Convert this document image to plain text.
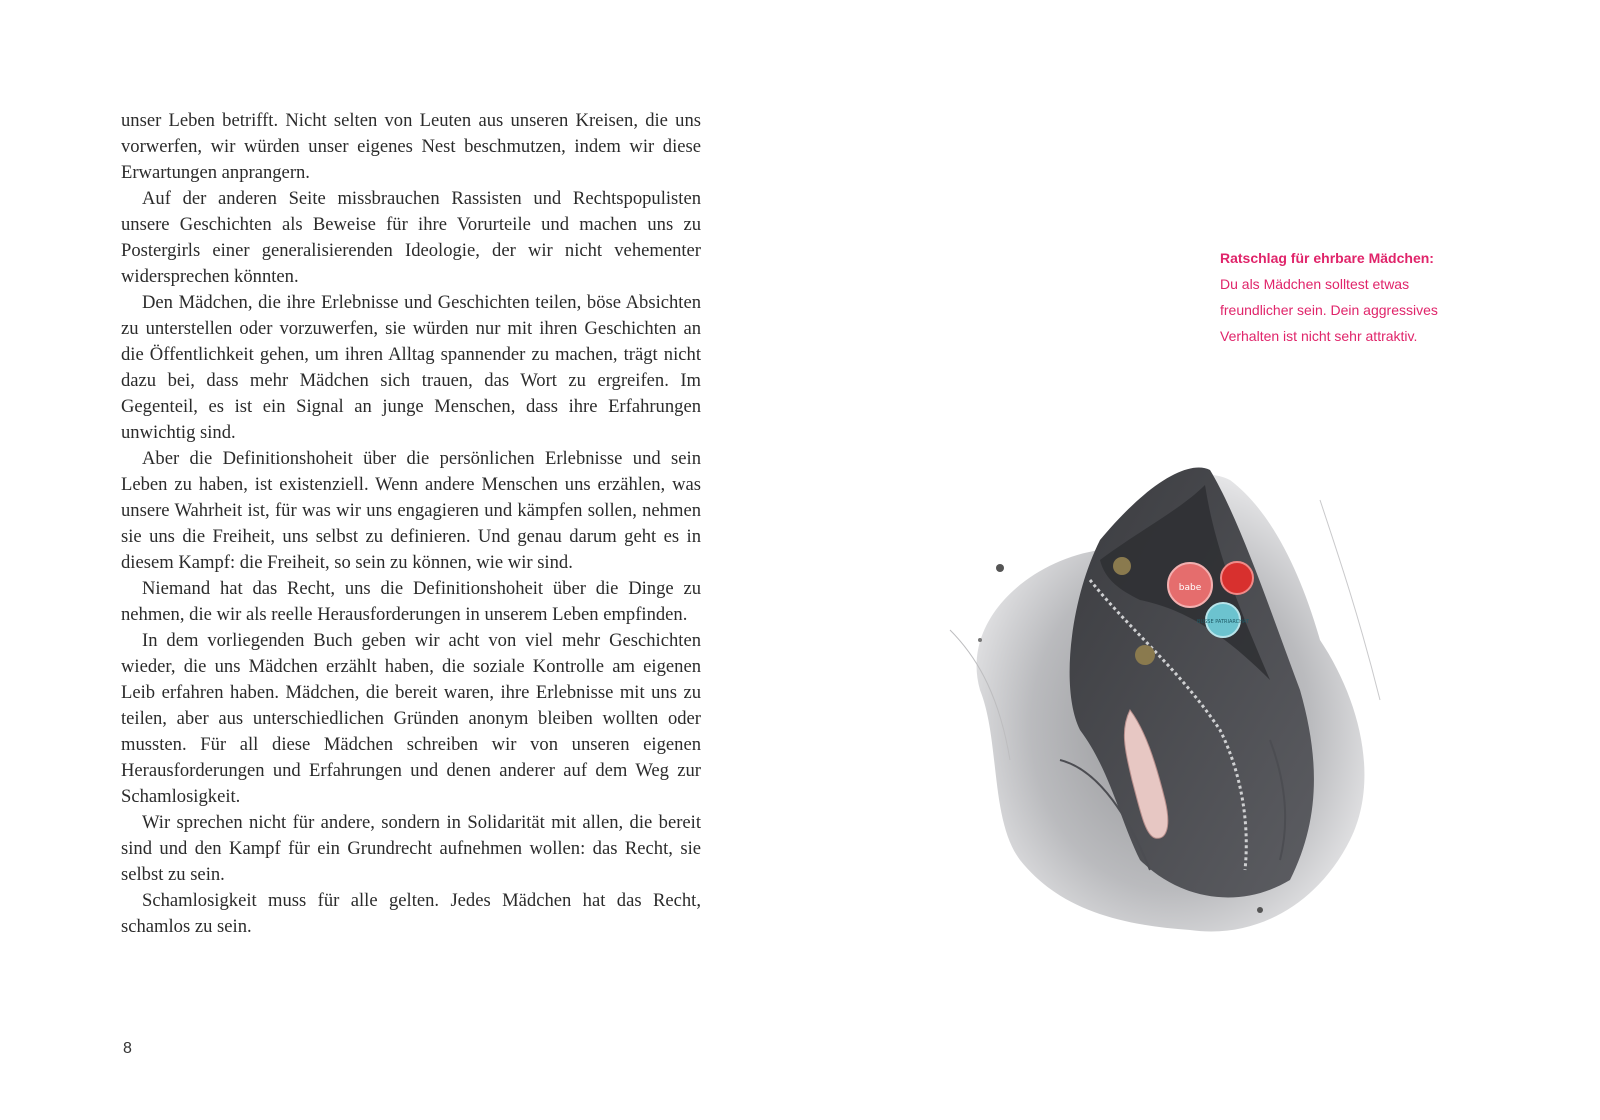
unser Leben betrifft. Nicht selten von Leuten aus unseren Kreisen, die uns vorwerfen, wir würden unser eigenes Nest beschmutzen, indem wir diese Erwartungen anprangern.

Auf der anderen Seite missbrauchen Rassisten und Rechtspopulisten unsere Geschichten als Beweise für ihre Vorurteile und machen uns zu Postergirls einer generalisierenden Ideologie, der wir nicht vehementer widersprechen könnten.

Den Mädchen, die ihre Erlebnisse und Geschichten teilen, böse Absichten zu unterstellen oder vorzuwerfen, sie würden nur mit ihren Geschichten an die Öffentlichkeit gehen, um ihren Alltag spannender zu machen, trägt nicht dazu bei, dass mehr Mädchen sich trauen, das Wort zu ergreifen. Im Gegenteil, es ist ein Signal an junge Menschen, dass ihre Erfahrungen unwichtig sind.

Aber die Definitionshoheit über die persönlichen Erlebnisse und sein Leben zu haben, ist existenziell. Wenn andere Menschen uns erzählen, was unsere Wahrheit ist, für was wir uns engagieren und kämpfen sollen, nehmen sie uns die Freiheit, uns selbst zu definieren. Und genau darum geht es in diesem Kampf: die Freiheit, so sein zu können, wie wir sind.

Niemand hat das Recht, uns die Definitionshoheit über die Dinge zu nehmen, die wir als reelle Herausforderungen in unserem Leben empfinden.

In dem vorliegenden Buch geben wir acht von viel mehr Geschichten wieder, die uns Mädchen erzählt haben, die soziale Kontrolle am eigenen Leib erfahren haben. Mädchen, die bereit waren, ihre Erlebnisse mit uns zu teilen, aber aus unterschiedlichen Gründen anonym bleiben wollten oder mussten. Für all diese Mädchen schreiben wir von unseren eigenen Herausforderungen und Erfahrungen und denen anderer auf dem Weg zur Schamlosigkeit.

Wir sprechen nicht für andere, sondern in Solidarität mit allen, die bereit sind und den Kampf für ein Grundrecht aufnehmen wollen: das Recht, sie selbst zu sein.

Schamlosigkeit muss für alle gelten. Jedes Mädchen hat das Recht, schamlos zu sein.

8
Ratschlag für ehrbare Mädchen:
Du als Mädchen solltest etwas freundlicher sein. Dein aggressives Verhalten ist nicht sehr attraktiv.
babe
BUSSE PATRIARCHAT
